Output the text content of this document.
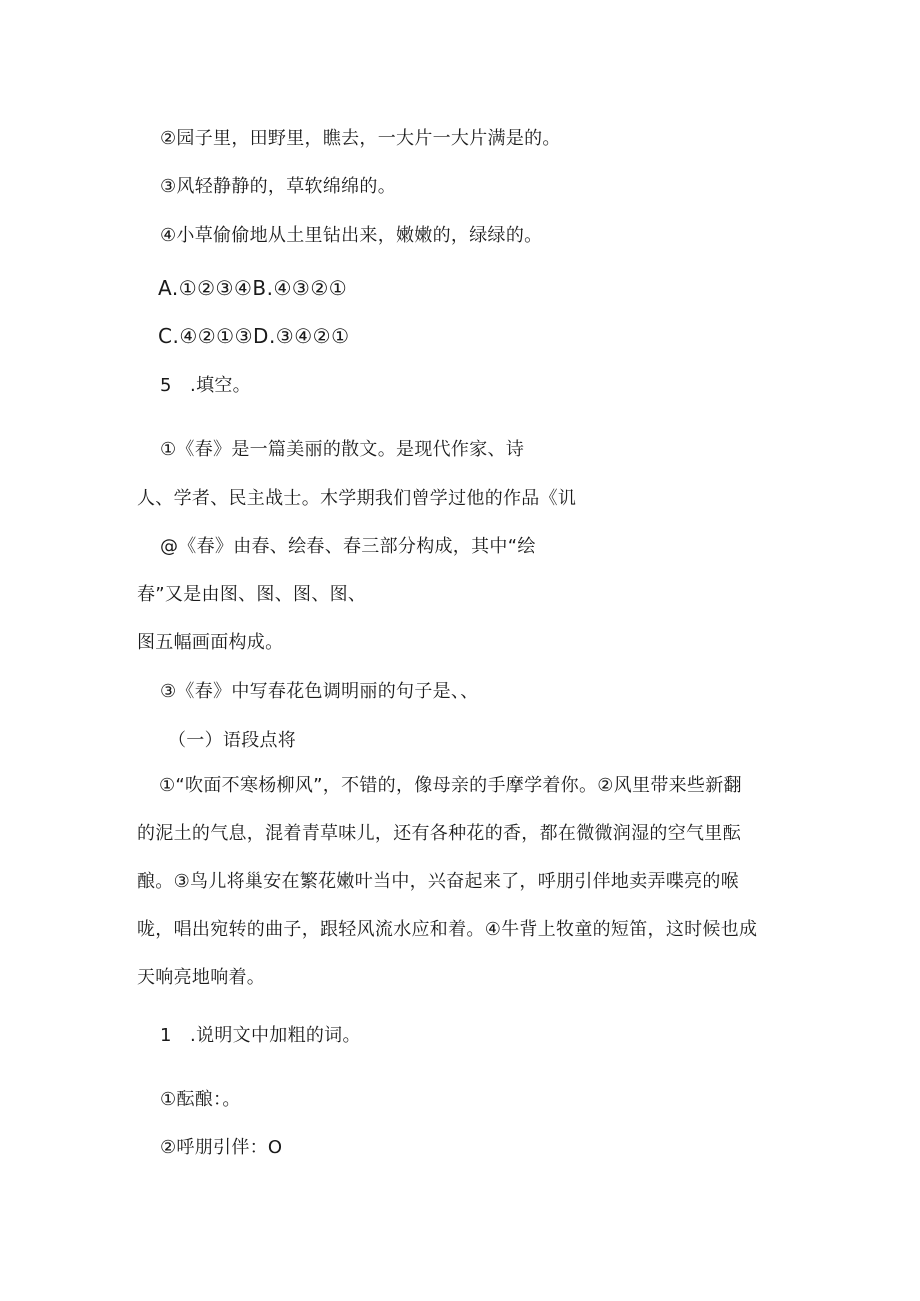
②园子里，田野里，瞧去，一大片一大片满是的。
③风轻静静的，草软绵绵的。
④小草偷偷地从土里钻出来，嫩嫩的，绿绿的。
A.①②③④B.④③②①
C.④②①③D.③④②①
5　.填空。
①《春》是一篇美丽的散文。是现代作家、诗
人、学者、民主战士。木学期我们曾学过他的作品《讥
@《春》由春、绘春、春三部分构成，其中“绘
春”又是由图、图、图、图、
图五幅画面构成。
③《春》中写春花色调明丽的句子是、、
（一）语段点将
①“吹面不寒杨柳风”，不错的，像母亲的手摩学着你。②风里带来些新翻
的泥土的气息，混着青草味儿，还有各种花的香，都在微微润湿的空气里酝
酿。③鸟儿将巢安在繁花嫩叶当中，兴奋起来了，呼朋引伴地卖弄喋亮的喉
咙，唱出宛转的曲子，跟轻风流水应和着。④牛背上牧童的短笛，这时候也成
天响亮地响着。
1　.说明文中加粗的词。
①酝酿：。
②呼朋引伴：O
